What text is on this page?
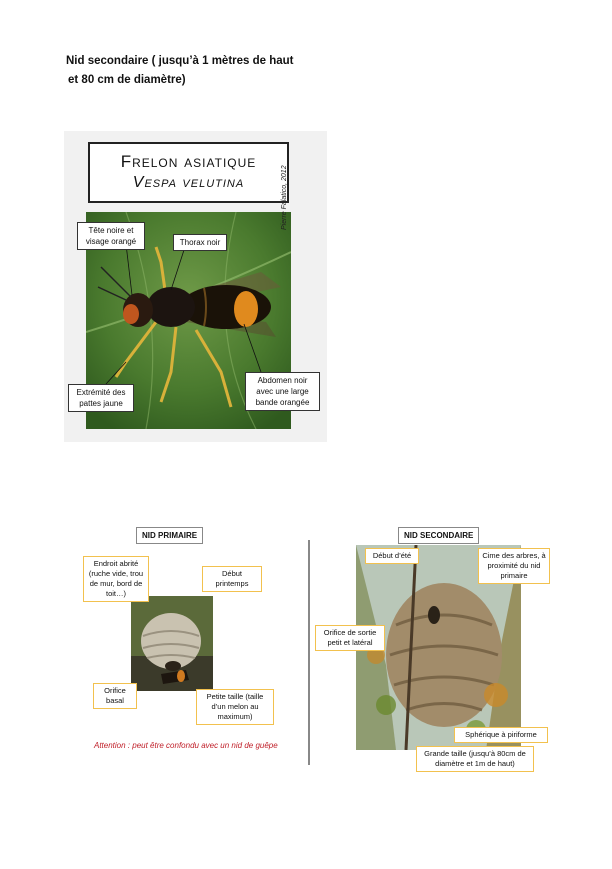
Nid secondaire ( jusqu’à 1 mètres de haut
et 80 cm de diamètre)
Frelon asiatique
Vespa velutina	Pierre Falatico, 2012
Tête noire et visage orangé	Thorax noir
Extrémité des pattes jaune
Abdomen noir avec une large bande orangée
NID PRIMAIRE
Endroit abrité (ruche vide, trou de mur, bord de toit…)
Début printemps
Orifice basal	Petite taille (taille d’un melon au maximum)
Attention : peut être confondu avec un nid de guêpe
NID SECONDAIRE
Début d’été	Cime des arbres, à proximité du nid primaire
Orifice de sortie petit et latéral
Sphérique à piriforme
Grande taille (jusqu’à 80cm de diamètre et 1m de haut)
